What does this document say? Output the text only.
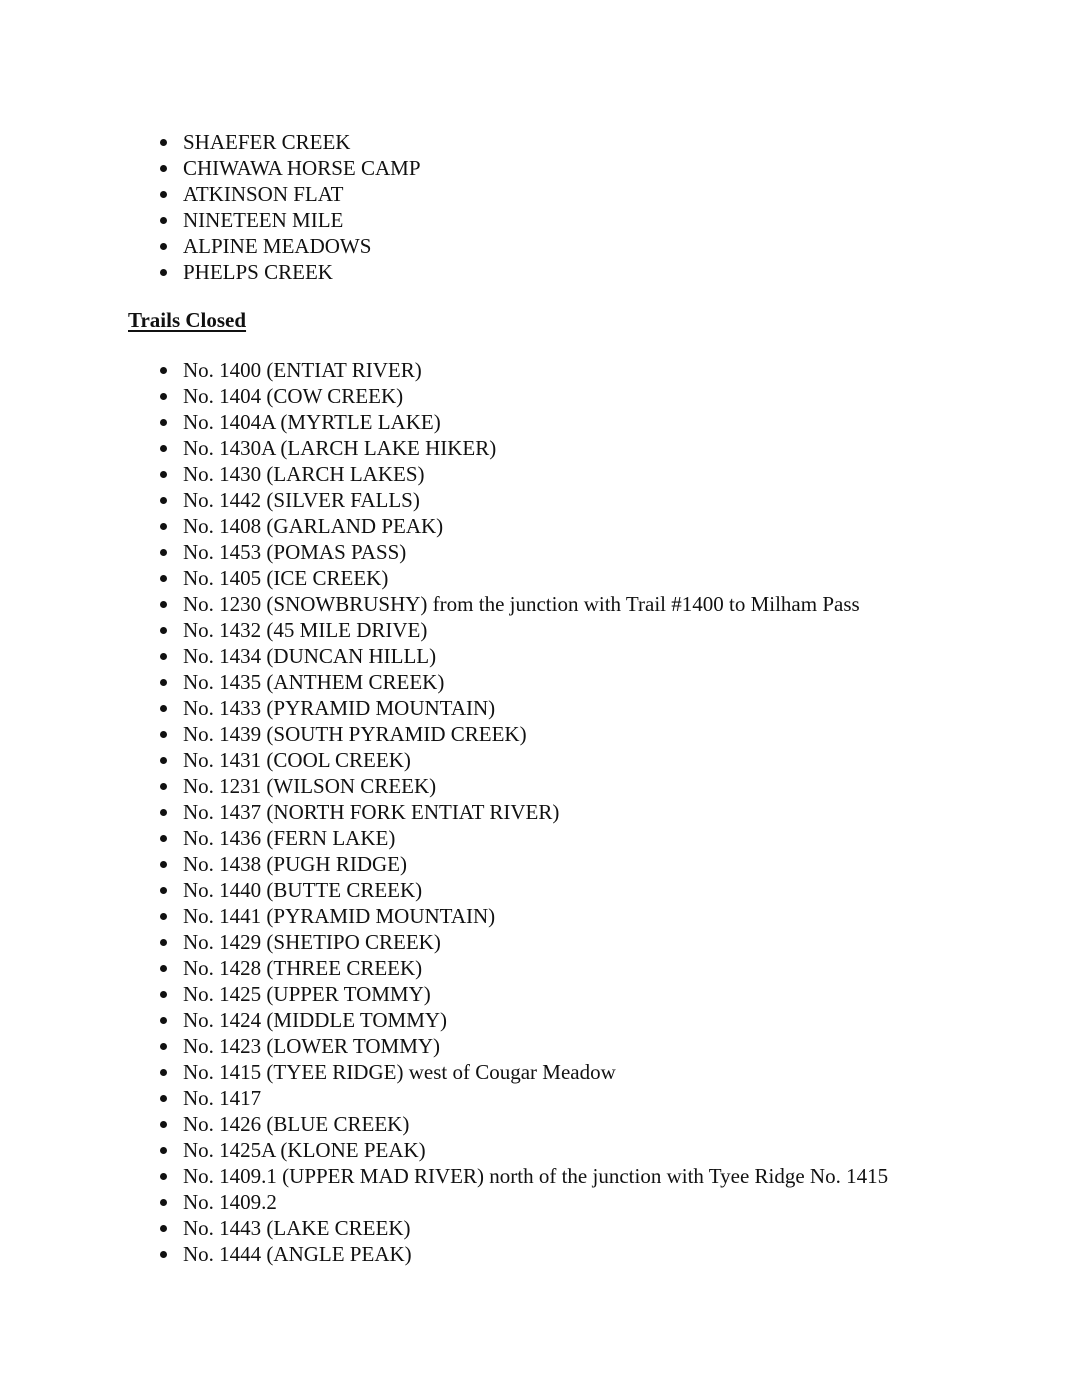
SHAEFER CREEK
CHIWAWA HORSE CAMP
ATKINSON FLAT
NINETEEN MILE
ALPINE MEADOWS
PHELPS CREEK
Trails Closed
No. 1400 (ENTIAT RIVER)
No. 1404 (COW CREEK)
No. 1404A (MYRTLE LAKE)
No. 1430A (LARCH LAKE HIKER)
No. 1430 (LARCH LAKES)
No. 1442 (SILVER FALLS)
No. 1408 (GARLAND PEAK)
No. 1453 (POMAS PASS)
No. 1405 (ICE CREEK)
No. 1230 (SNOWBRUSHY) from the junction with Trail #1400 to Milham Pass
No. 1432 (45 MILE DRIVE)
No. 1434 (DUNCAN HILLL)
No. 1435 (ANTHEM CREEK)
No. 1433 (PYRAMID MOUNTAIN)
No. 1439 (SOUTH PYRAMID CREEK)
No. 1431 (COOL CREEK)
No. 1231 (WILSON CREEK)
No. 1437 (NORTH FORK ENTIAT RIVER)
No. 1436 (FERN LAKE)
No. 1438 (PUGH RIDGE)
No. 1440 (BUTTE CREEK)
No. 1441 (PYRAMID MOUNTAIN)
No. 1429 (SHETIPO CREEK)
No. 1428 (THREE CREEK)
No. 1425 (UPPER TOMMY)
No. 1424 (MIDDLE TOMMY)
No. 1423 (LOWER TOMMY)
No. 1415 (TYEE RIDGE) west of Cougar Meadow
No. 1417
No. 1426 (BLUE CREEK)
No. 1425A (KLONE PEAK)
No. 1409.1 (UPPER MAD RIVER) north of the junction with Tyee Ridge No. 1415
No. 1409.2
No. 1443 (LAKE CREEK)
No. 1444 (ANGLE PEAK)
